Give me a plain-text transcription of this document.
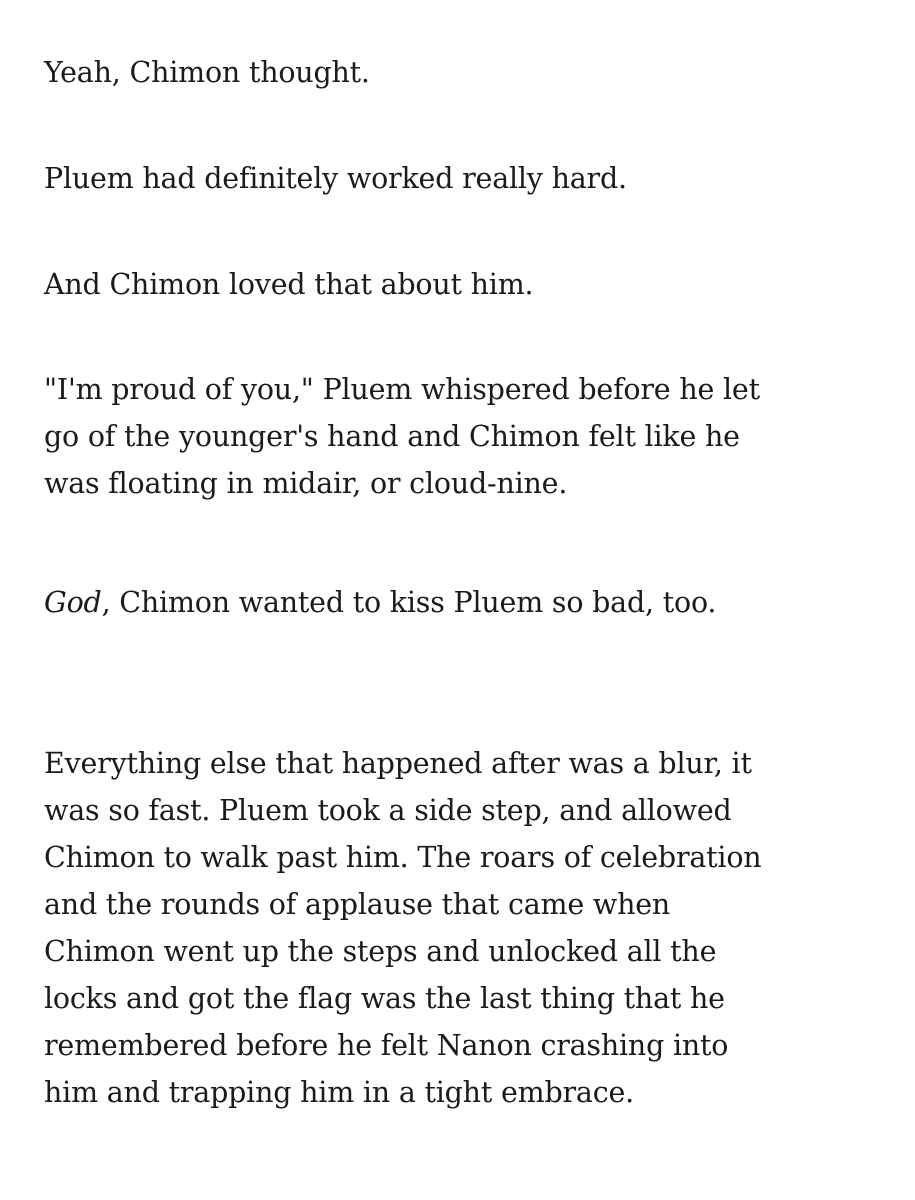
Yeah, Chimon thought.

Pluem had definitely worked really hard.

And Chimon loved that about him.

"I'm proud of you," Pluem whispered before he let
go of the younger's hand and Chimon felt like he
was floating in midair, or cloud-nine.

God, Chimon wanted to kiss Pluem so bad, too.

Everything else that happened after was a blur, it
was so fast. Pluem took a side step, and allowed
Chimon to walk past him. The roars of celebration
and the rounds of applause that came when
Chimon went up the steps and unlocked all the
locks and got the flag was the last thing that he
remembered before he felt Nanon crashing into
him and trapping him in a tight embrace.
